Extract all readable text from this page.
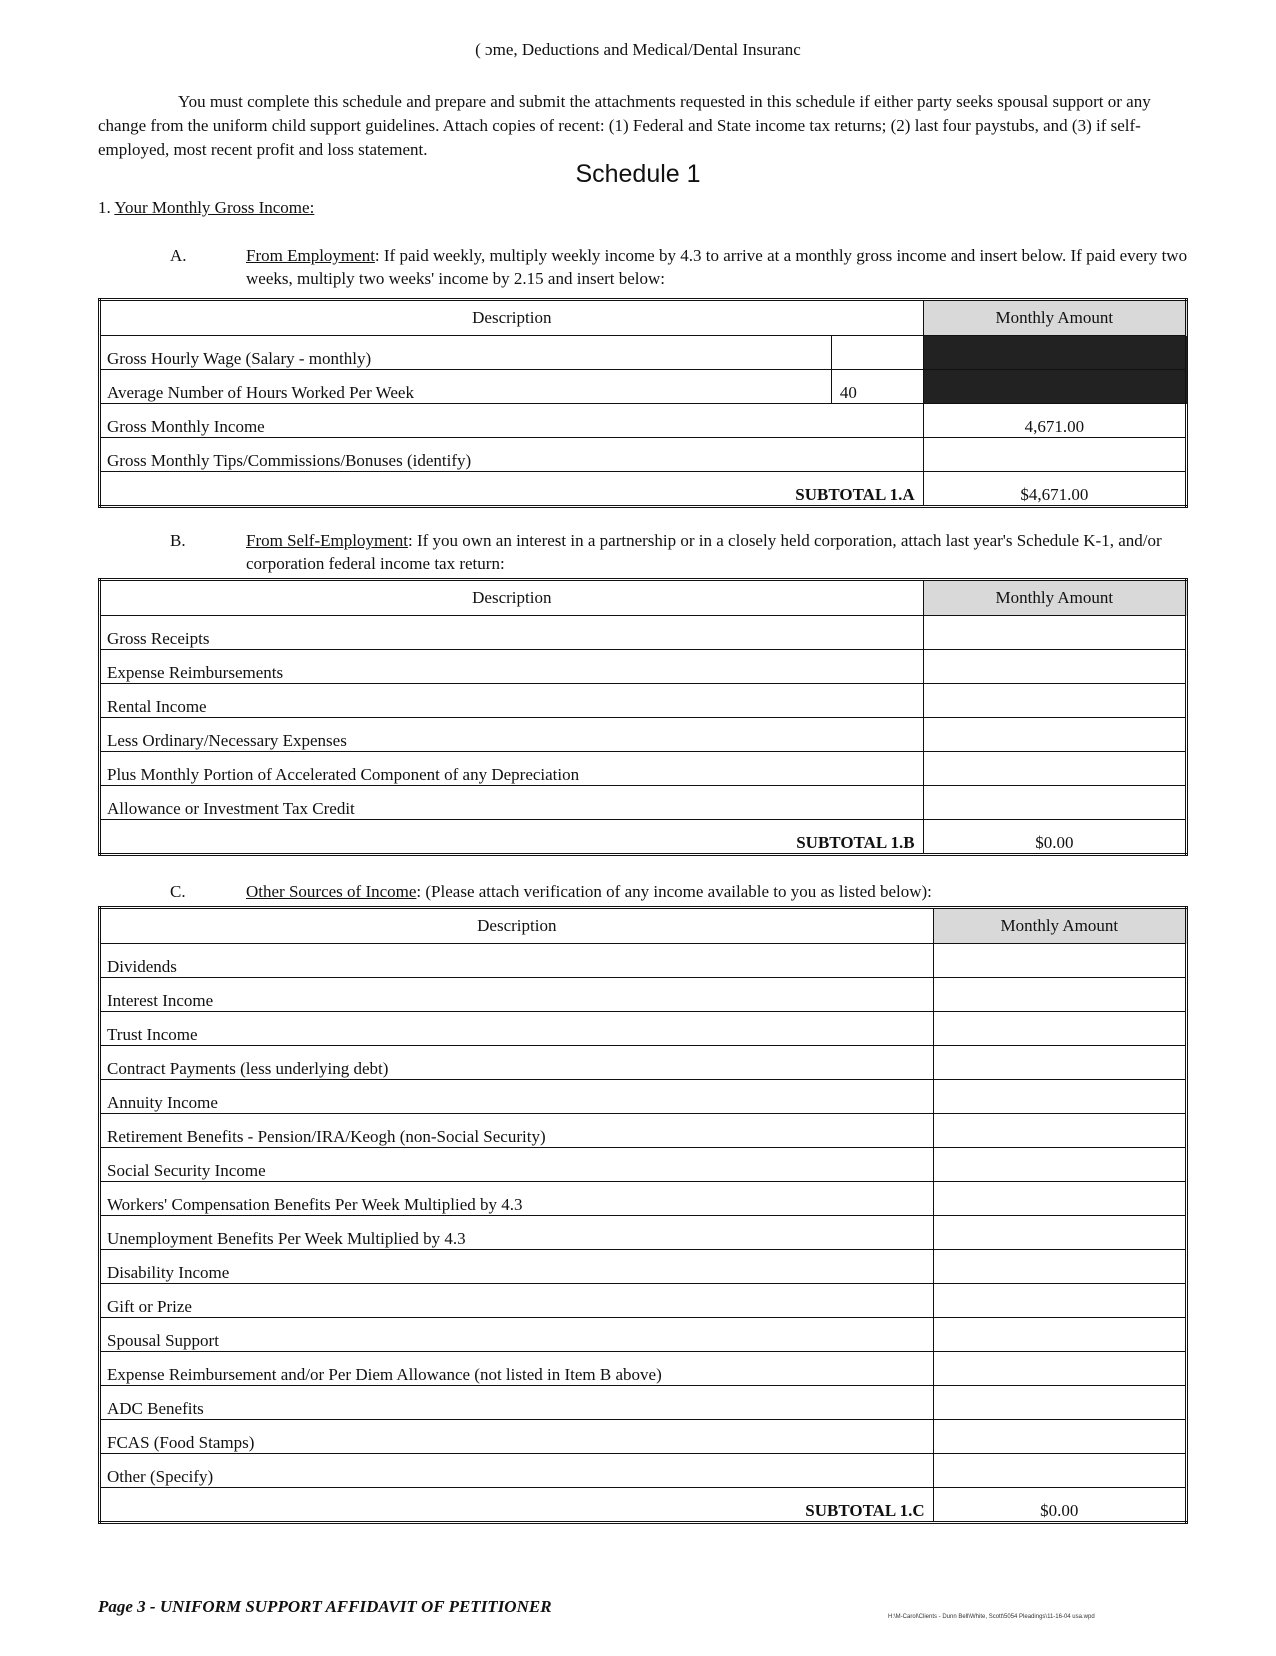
( ɔme, Deductions and Medical/Dental Insuranc
You must complete this schedule and prepare and submit the attachments requested in this schedule if either party seeks spousal support or any change from the uniform child support guidelines. Attach copies of recent: (1) Federal and State income tax returns; (2) last four paystubs, and (3) if self-employed, most recent profit and loss statement.
Schedule 1
1. Your Monthly Gross Income:
A.	From Employment: If paid weekly, multiply weekly income by 4.3 to arrive at a monthly gross income and insert below. If paid every two weeks, multiply two weeks' income by 2.15 and insert below:
Description		Monthly Amount
Gross Hourly Wage (Salary - monthly)		
Average Number of Hours Worked Per Week	40	
Gross Monthly Income		4,671.00
Gross Monthly Tips/Commissions/Bonuses (identify)		
SUBTOTAL 1.A		$4,671.00
B.	From Self-Employment: If you own an interest in a partnership or in a closely held corporation, attach last year's Schedule K-1, and/or corporation federal income tax return:
Description	Monthly Amount
Gross Receipts	
Expense Reimbursements	
Rental Income	
Less Ordinary/Necessary Expenses	
Plus Monthly Portion of Accelerated Component of any Depreciation	
Allowance or Investment Tax Credit	
SUBTOTAL 1.B	$0.00
C.	Other Sources of Income: (Please attach verification of any income available to you as listed below):
Description	Monthly Amount
Dividends	
Interest Income	
Trust Income	
Contract Payments (less underlying debt)	
Annuity Income	
Retirement Benefits - Pension/IRA/Keogh (non-Social Security)	
Social Security Income	
Workers' Compensation Benefits Per Week Multiplied by 4.3	
Unemployment Benefits Per Week Multiplied by 4.3	
Disability Income	
Gift or Prize	
Spousal Support	
Expense Reimbursement and/or Per Diem Allowance (not listed in Item B above)	
ADC Benefits	
FCAS (Food Stamps)	
Other (Specify)	
SUBTOTAL 1.C	$0.00
Page 3 - UNIFORM SUPPORT AFFIDAVIT OF PETITIONER
H:\M-Carol\Clients - Dunn Bell\White, Scott\5054 Pleadings\11-16-04 usa.wpd
